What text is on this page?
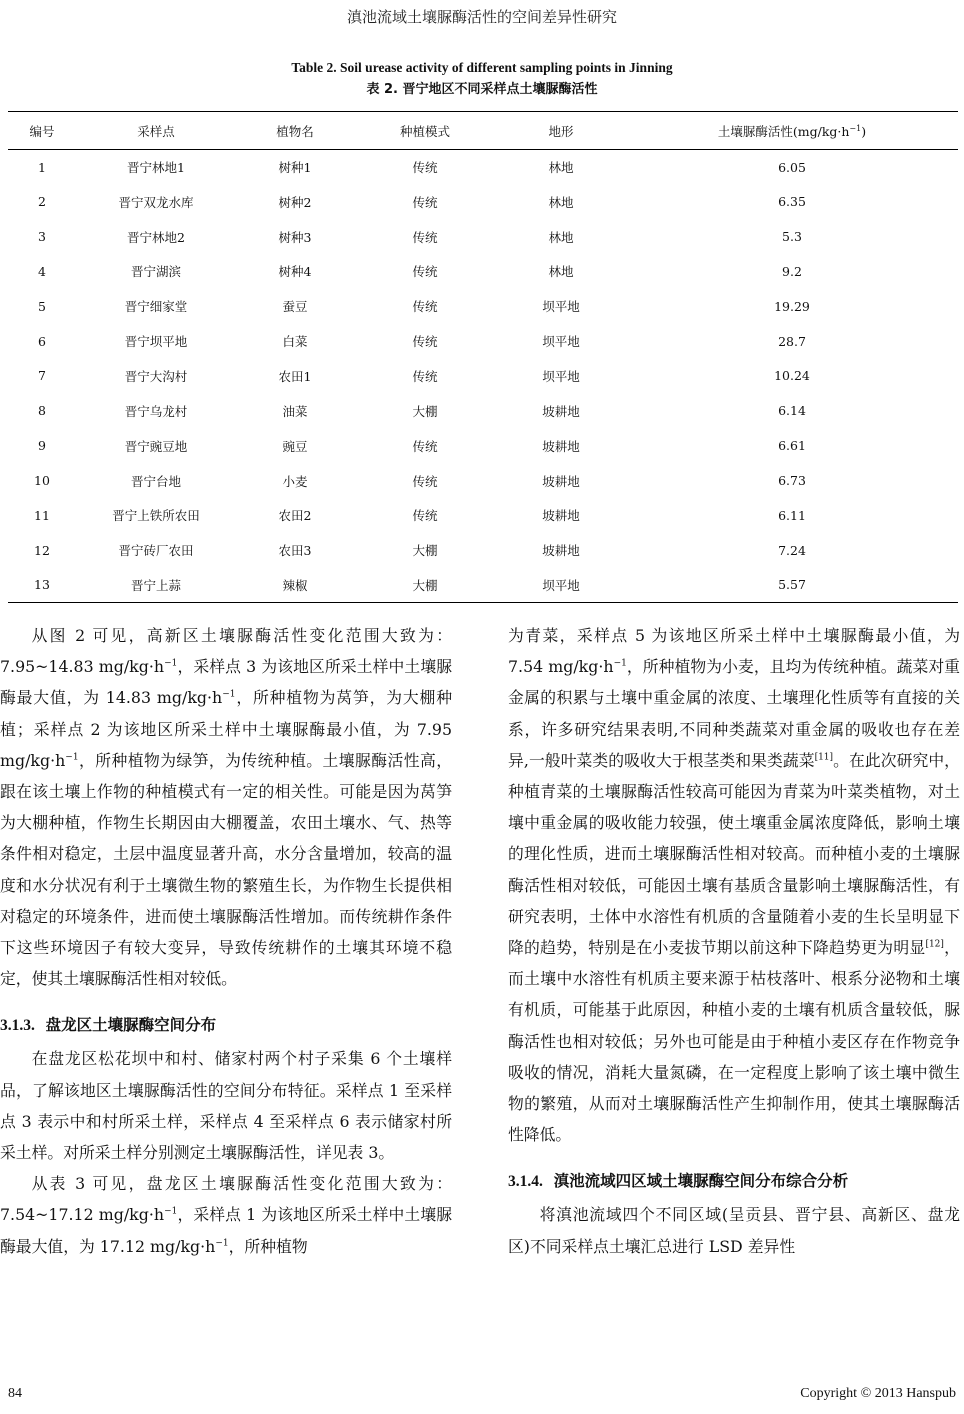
滇池流域土壤脲酶活性的空间差异性研究
Table 2. Soil urease activity of different sampling points in Jinning
表 2. 晋宁地区不同采样点土壤脲酶活性
编号	采样点	植物名	种植模式	地形	土壤脲酶活性$(mg/kg\cdot h^{-1})$
1	晋宁林地1	树种1	传统	林地	6.05
2	晋宁双龙水库	树种2	传统	林地	6.35
3	晋宁林地2	树种3	传统	林地	5.3
4	晋宁湖滨	树种4	传统	林地	9.2
5	晋宁细家堂	蚕豆	传统	坝平地	19.29
6	晋宁坝平地	白菜	传统	坝平地	28.7
7	晋宁大沟村	农田1	传统	坝平地	10.24
8	晋宁乌龙村	油菜	大棚	坡耕地	6.14
9	晋宁豌豆地	豌豆	传统	坡耕地	6.61
10	晋宁台地	小麦	传统	坡耕地	6.73
11	晋宁上铁所农田	农田2	传统	坡耕地	6.11
12	晋宁砖厂农田	农田3	大棚	坡耕地	7.24
13	晋宁上蒜	辣椒	大棚	坝平地	5.57

从图 2 可见，高新区土壤脲酶活性变化范围大致为：7.95~14.83 $mg/kg\cdot h^{-1}$，采样点 3 为该地区所采土样中土壤脲酶最大值，为 14.83 $mg/kg\cdot h^{-1}$，所种植物为莴笋，为大棚种植；采样点 2 为该地区所采土样中土壤脲酶最小值，为 7.95 $mg/kg\cdot h^{-1}$，所种植物为绿笋，为传统种植。土壤脲酶活性高，跟在该土壤上作物的种植模式有一定的相关性。可能是因为莴笋为大棚种植，作物生长期因由大棚覆盖，农田土壤水、气、热等条件相对稳定，土层中温度显著升高，水分含量增加，较高的温度和水分状况有利于土壤微生物的繁殖生长，为作物生长提供相对稳定的环境条件，进而使土壤脲酶活性增加。而传统耕作条件下这些环境因子有较大变异，导致传统耕作的土壤其环境不稳定，使其土壤脲酶活性相对较低。

3.1.3. 盘龙区土壤脲酶空间分布

在盘龙区松花坝中和村、储家村两个村子采集 6 个土壤样品，了解该地区土壤脲酶活性的空间分布特征。采样点 1 至采样点 3 表示中和村所采土样，采样点 4 至采样点 6 表示储家村所采土样。对所采土样分别测定土壤脲酶活性，详见表 3。

从表 3 可见，盘龙区土壤脲酶活性变化范围大致为：7.54~17.12 $mg/kg\cdot h^{-1}$，采样点 1 为该地区所采土样中土壤脲酶最大值，为 17.12 $mg/kg\cdot h^{-1}$，所种植物

为青菜，采样点 5 为该地区所采土样中土壤脲酶最小值，为 7.54 $mg/kg\cdot h^{-1}$，所种植物为小麦，且均为传统种植。蔬菜对重金属的积累与土壤中重金属的浓度、土壤理化性质等有直接的关系，许多研究结果表明,不同种类蔬菜对重金属的吸收也存在差异,一般叶菜类的吸收大于根茎类和果类蔬菜[11]。在此次研究中，种植青菜的土壤脲酶活性较高可能因为青菜为叶菜类植物，对土壤中重金属的吸收能力较强，使土壤重金属浓度降低，影响土壤的理化性质，进而土壤脲酶活性相对较高。而种植小麦的土壤脲酶活性相对较低，可能因土壤有基质含量影响土壤脲酶活性，有研究表明，土体中水溶性有机质的含量随着小麦的生长呈明显下降的趋势，特别是在小麦拔节期以前这种下降趋势更为明显[12]，而土壤中水溶性有机质主要来源于枯枝落叶、根系分泌物和土壤有机质，可能基于此原因，种植小麦的土壤有机质含量较低，脲酶活性也相对较低；另外也可能是由于种植小麦区存在作物竞争吸收的情况，消耗大量氮磷，在一定程度上影响了该土壤中微生物的繁殖，从而对土壤脲酶活性产生抑制作用，使其土壤脲酶活性降低。

3.1.4. 滇池流域四区域土壤脲酶空间分布综合分析

将滇池流域四个不同区域(呈贡县、晋宁县、高新区、盘龙区)不同采样点土壤汇总进行 LSD 差异性

84	Copyright © 2013 Hanspub
